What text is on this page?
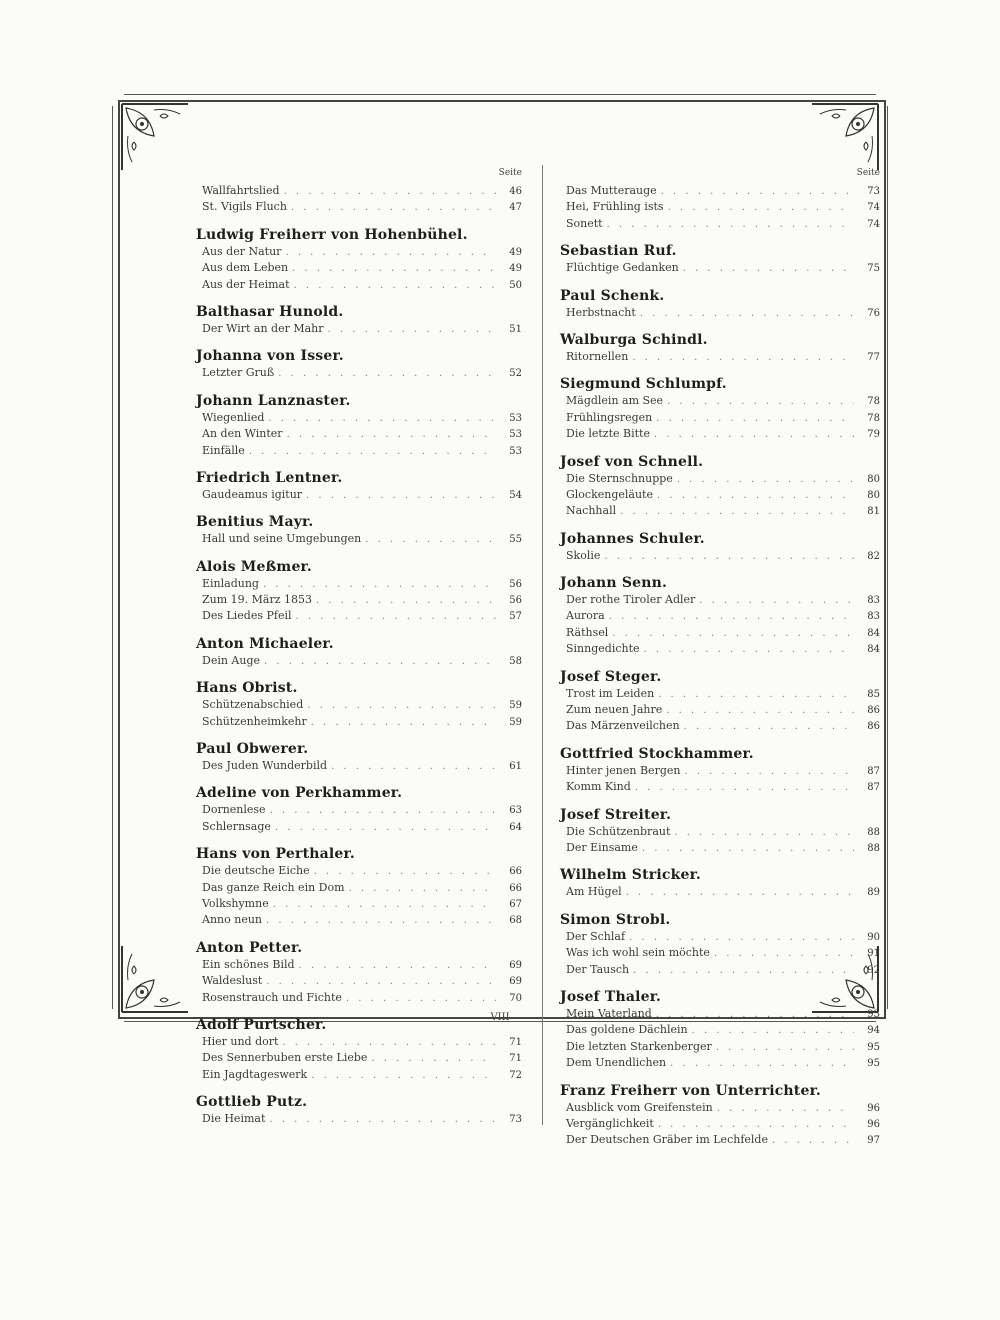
Seite
Wallfahrtslied . . .	46
St. Vigils Fluch . . .	47
Ludwig Freiherr von Hohenbühel.
Aus der Natur . . .	49
Aus dem Leben . . .	49
Aus der Heimat . . .	50
Balthasar Hunold.
Der Wirt an der Mahr . . .	51
Johanna von Isser.
Letzter Gruß . . .	52
Johann Lanznaster.
Wiegenlied . . .	53
An den Winter . . .	53
Einfälle . . .	53
Friedrich Lentner.
Gaudeamus igitur . . .	54
Benitius Mayr.
Hall und seine Umgebungen . . .	55
Alois Meßmer.
Einladung . . .	56
Zum 19. März 1853 . . .	56
Des Liedes Pfeil . . .	57
Anton Michaeler.
Dein Auge . . .	58
Hans Obrist.
Schützenabschied . . .	59
Schützenheimkehr . . .	59
Paul Obwerer.
Des Juden Wunderbild . . .	61
Adeline von Perkhammer.
Dornenlese . . .	63
Schlernsage . . .	64
Hans von Perthaler.
Die deutsche Eiche . . .	66
Das ganze Reich ein Dom . . .	66
Volkshymne . . .	67
Anno neun . . .	68
Anton Petter.
Ein schönes Bild . . .	69
Waldeslust . . .	69
Rosenstrauch und Fichte . . .	70
Adolf Purtscher.
Hier und dort . . .	71
Des Sennerbuben erste Liebe . . .	71
Ein Jagdtageswerk . . .	72
Gottlieb Putz.
Die Heimat . . .	73
Seite
Das Mutterauge . . .	73
Hei, Frühling ists . . .	74
Sonett . . .	74
Sebastian Ruf.
Flüchtige Gedanken . . .	75
Paul Schenk.
Herbstnacht . . .	76
Walburga Schindl.
Ritornellen . . .	77
Siegmund Schlumpf.
Mägdlein am See . . .	78
Frühlingsregen . . .	78
Die letzte Bitte . . .	79
Josef von Schnell.
Die Sternschnuppe . . .	80
Glockengeläute . . .	80
Nachhall . . .	81
Johannes Schuler.
Skolie . . .	82
Johann Senn.
Der rothe Tiroler Adler . . .	83
Aurora . . .	83
Räthsel . . .	84
Sinngedichte . . .	84
Josef Steger.
Trost im Leiden . . .	85
Zum neuen Jahre . . .	86
Das Märzenveilchen . . .	86
Gottfried Stockhammer.
Hinter jenen Bergen . . .	87
Komm Kind . . .	87
Josef Streiter.
Die Schützenbraut . . .	88
Der Einsame . . .	88
Wilhelm Stricker.
Am Hügel . . .	89
Simon Strobl.
Der Schlaf . . .	90
Was ich wohl sein möchte . . .	91
Der Tausch . . .	92
Josef Thaler.
Mein Vaterland . . .	93
Das goldene Dächlein . . .	94
Die letzten Starkenberger . . .	95
Dem Unendlichen . . .	95
Franz Freiherr von Unterrichter.
Ausblick vom Greifenstein . . .	96
Vergänglichkeit . . .	96
Der Deutschen Gräber im Lechfelde . . .	97
VIII
